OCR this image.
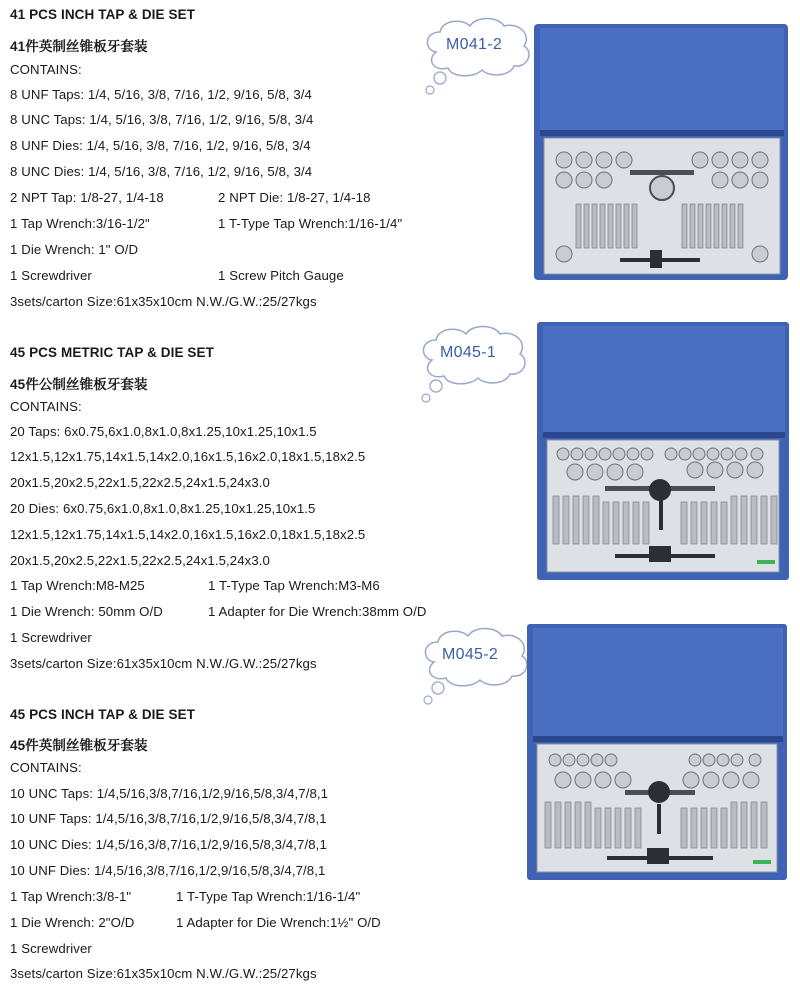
41 PCS INCH TAP & DIE SET
41件英制丝锥板牙套装
CONTAINS:
8 UNF Taps: 1/4, 5/16, 3/8, 7/16, 1/2, 9/16, 5/8, 3/4
8 UNC Taps: 1/4, 5/16, 3/8, 7/16, 1/2, 9/16, 5/8, 3/4
8 UNF Dies: 1/4, 5/16, 3/8, 7/16, 1/2, 9/16, 5/8, 3/4
8 UNC Dies: 1/4, 5/16, 3/8, 7/16, 1/2, 9/16, 5/8, 3/4
2 NPT Tap: 1/8-27, 1/4-18	2 NPT Die: 1/8-27, 1/4-18
1 Tap Wrench:3/16-1/2"	1 T-Type Tap Wrench:1/16-1/4"
1 Die Wrench: 1" O/D
1 Screwdriver	1 Screw Pitch Gauge
3sets/carton Size:61x35x10cm N.W./G.W.:25/27kgs
M041-2
45 PCS METRIC TAP & DIE SET
45件公制丝锥板牙套装
CONTAINS:
20 Taps: 6x0.75,6x1.0,8x1.0,8x1.25,10x1.25,10x1.5
12x1.5,12x1.75,14x1.5,14x2.0,16x1.5,16x2.0,18x1.5,18x2.5
20x1.5,20x2.5,22x1.5,22x2.5,24x1.5,24x3.0
20 Dies: 6x0.75,6x1.0,8x1.0,8x1.25,10x1.25,10x1.5
12x1.5,12x1.75,14x1.5,14x2.0,16x1.5,16x2.0,18x1.5,18x2.5
20x1.5,20x2.5,22x1.5,22x2.5,24x1.5,24x3.0
1 Tap Wrench:M8-M25	1 T-Type Tap Wrench:M3-M6
1 Die Wrench: 50mm O/D	1 Adapter for Die Wrench:38mm O/D
1 Screwdriver
3sets/carton Size:61x35x10cm N.W./G.W.:25/27kgs
M045-1
45 PCS INCH TAP & DIE SET
45件英制丝锥板牙套装
CONTAINS:
10 UNC Taps: 1/4,5/16,3/8,7/16,1/2,9/16,5/8,3/4,7/8,1
10 UNF Taps: 1/4,5/16,3/8,7/16,1/2,9/16,5/8,3/4,7/8,1
10 UNC Dies: 1/4,5/16,3/8,7/16,1/2,9/16,5/8,3/4,7/8,1
10 UNF Dies: 1/4,5/16,3/8,7/16,1/2,9/16,5/8,3/4,7/8,1
1 Tap Wrench:3/8-1"	1 T-Type Tap Wrench:1/16-1/4"
1 Die Wrench: 2"O/D	1 Adapter for Die Wrench:1½" O/D
1 Screwdriver
3sets/carton Size:61x35x10cm N.W./G.W.:25/27kgs
M045-2
